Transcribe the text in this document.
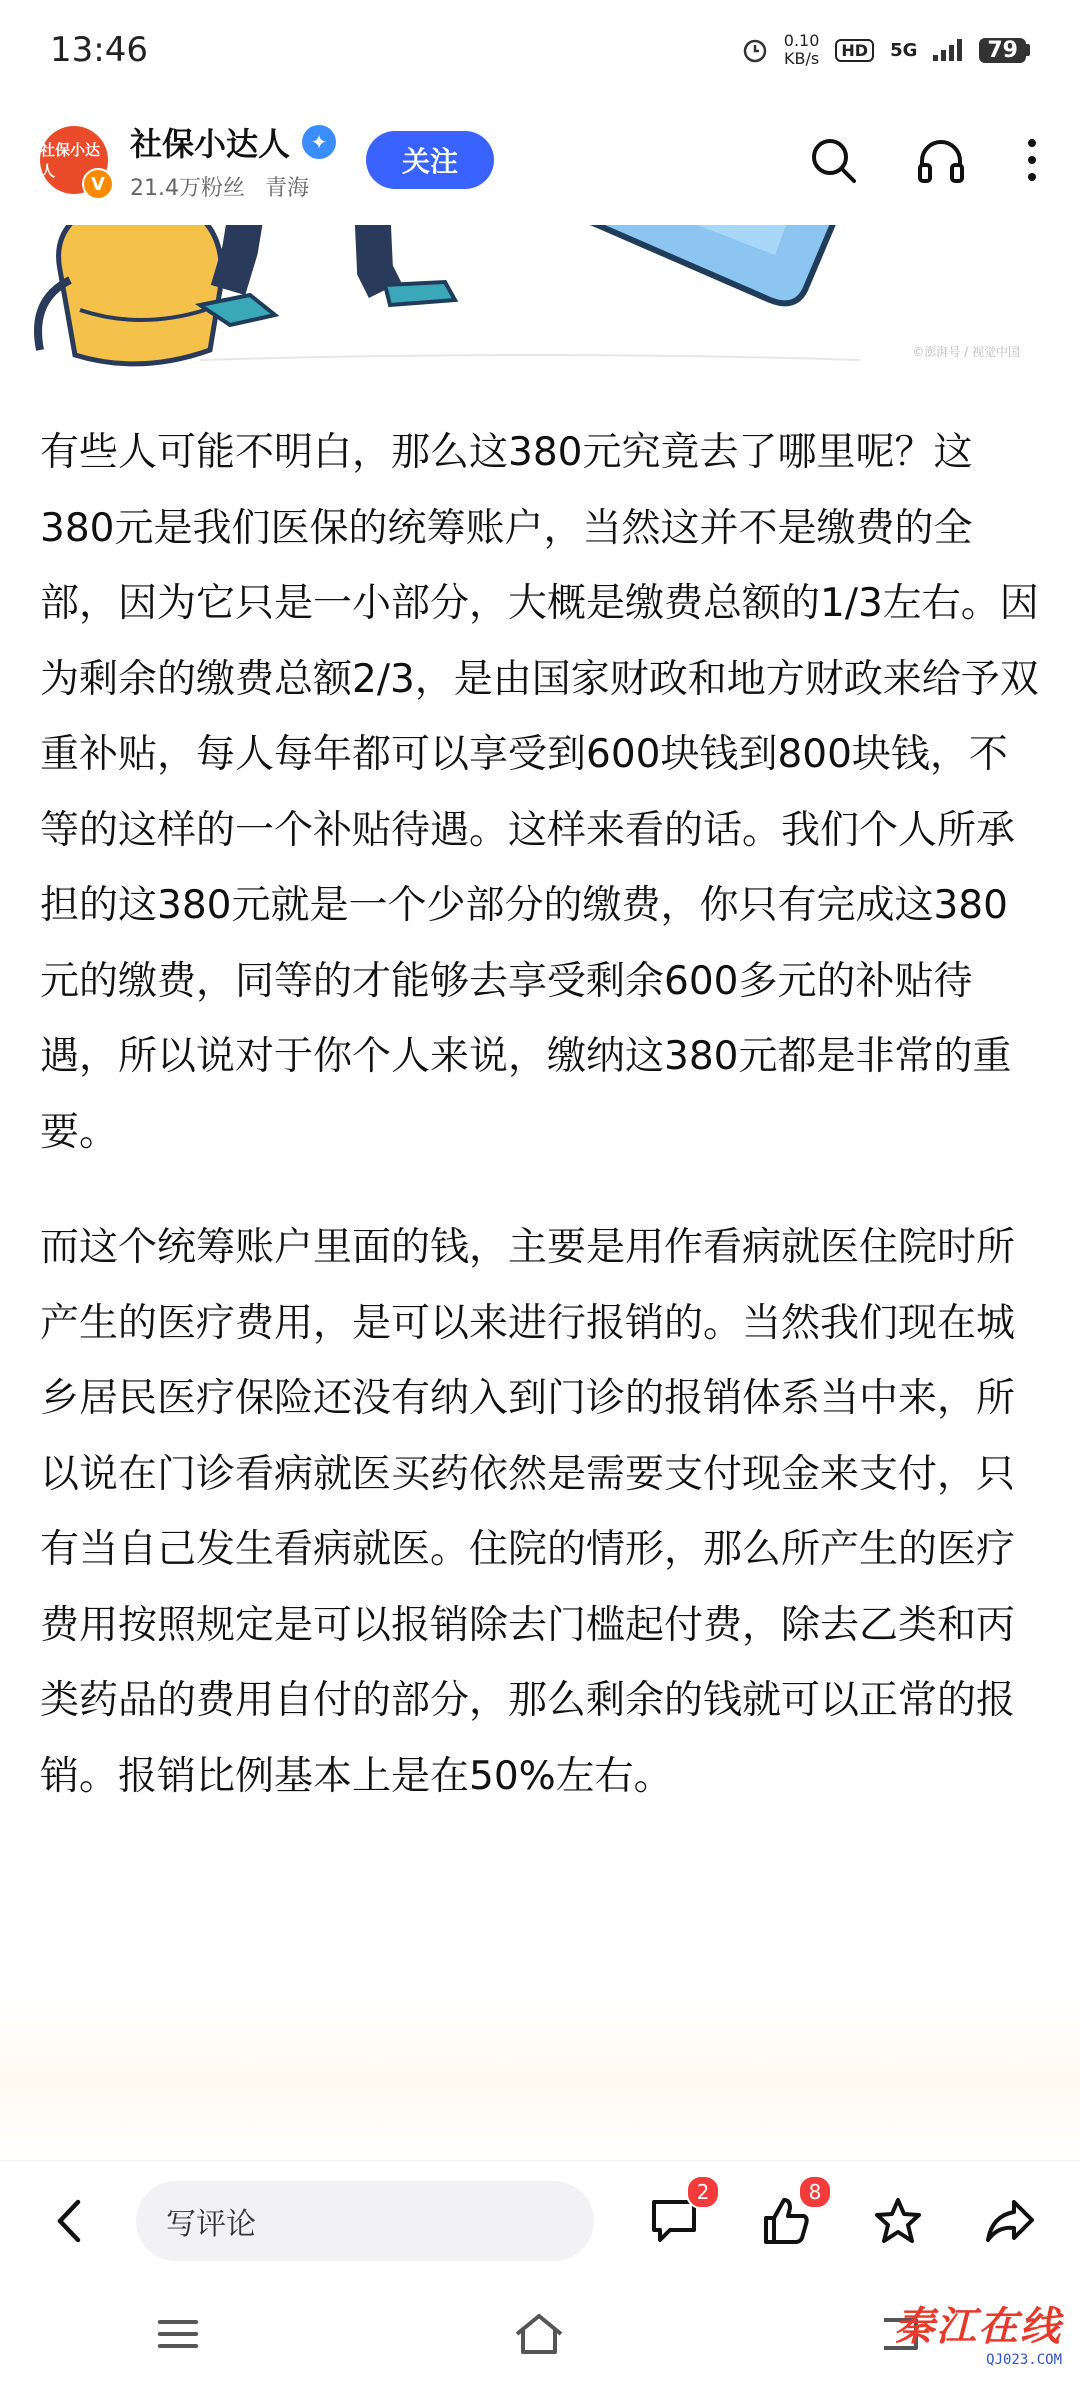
13:46	0.10
KB/s	HD	5G	79
©澎湃号 / 视觉中国
社保小达人
V
社保小达人	✦
21.4万粉丝 青海
关注

有些人可能不明白，那么这380元究竟去了哪里呢？这380元是我们医保的统筹账户，当然这并不是缴费的全部，因为它只是一小部分，大概是缴费总额的1/3左右。因为剩余的缴费总额2/3，是由国家财政和地方财政来给予双重补贴，每人每年都可以享受到600块钱到800块钱，不等的这样的一个补贴待遇。这样来看的话。我们个人所承担的这380元就是一个少部分的缴费，你只有完成这380元的缴费，同等的才能够去享受剩余600多元的补贴待遇，所以说对于你个人来说，缴纳这380元都是非常的重要。

而这个统筹账户里面的钱，主要是用作看病就医住院时所产生的医疗费用，是可以来进行报销的。当然我们现在城乡居民医疗保险还没有纳入到门诊的报销体系当中来，所以说在门诊看病就医买药依然是需要支付现金来支付，只有当自己发生看病就医。住院的情形，那么所产生的医疗费用按照规定是可以报销除去门槛起付费，除去乙类和丙类药品的费用自付的部分，那么剩余的钱就可以正常的报销。报销比例基本上是在50%左右。

写评论
2	8
秦江在线
QJ023.COM
